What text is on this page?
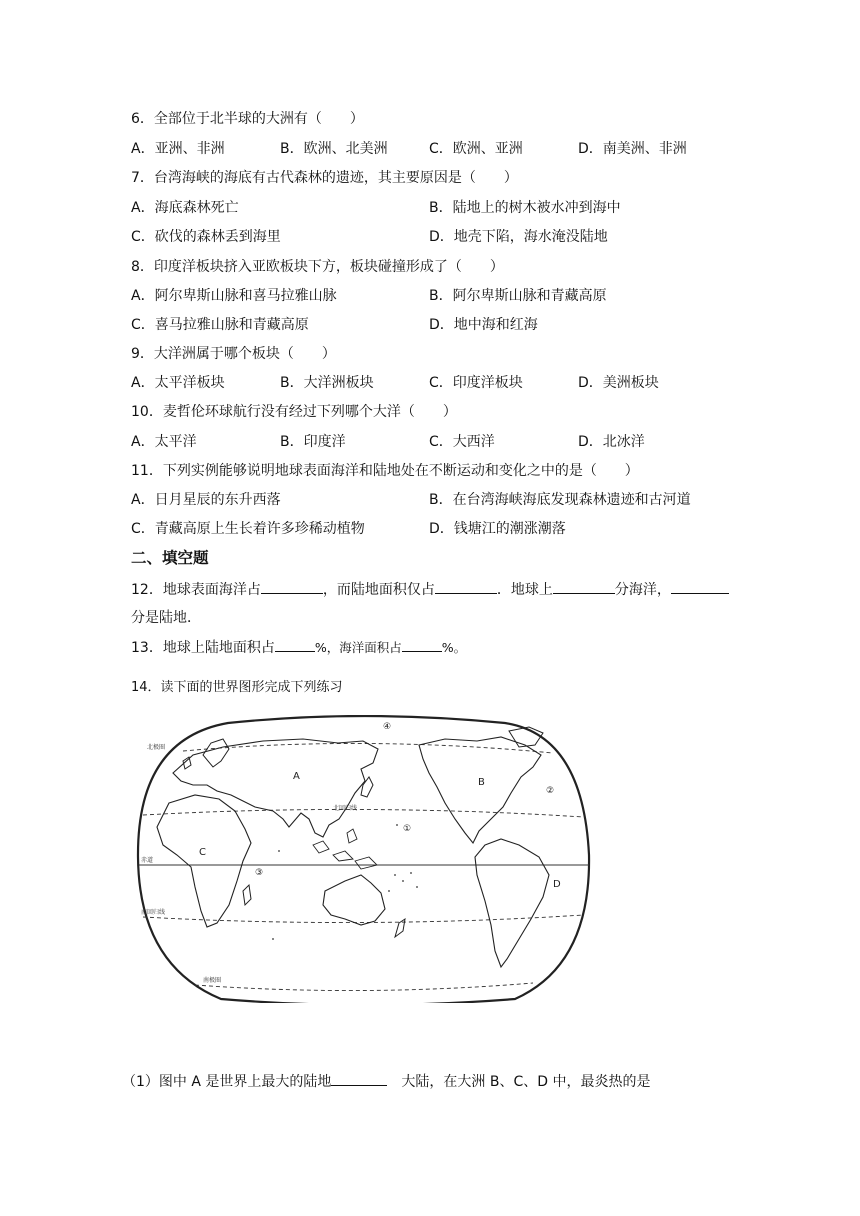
6．全部位于北半球的大洲有（　　）
A．亚洲、非洲	B．欧洲、北美洲	C．欧洲、亚洲	D．南美洲、非洲
7．台湾海峡的海底有古代森林的遗迹，其主要原因是（　　）
A．海底森林死亡	B．陆地上的树木被水冲到海中
C．砍伐的森林丢到海里	D．地壳下陷，海水淹没陆地
8．印度洋板块挤入亚欧板块下方，板块碰撞形成了（　　）
A．阿尔卑斯山脉和喜马拉雅山脉	B．阿尔卑斯山脉和青藏高原
C．喜马拉雅山脉和青藏高原	D．地中海和红海
9．大洋洲属于哪个板块（　　）
A．太平洋板块	B．大洋洲板块	C．印度洋板块	D．美洲板块
10．麦哲伦环球航行没有经过下列哪个大洋（　　）
A．太平洋	B．印度洋	C．大西洋	D．北冰洋
11．下列实例能够说明地球表面海洋和陆地处在不断运动和变化之中的是（　　）
A．日月星辰的东升西落	B．在台湾海峡海底发现森林遗迹和古河道
C．青藏高原上生长着许多珍稀动植物	D．钱塘江的潮涨潮落
二、填空题
12．地球表面海洋占	，而陆地面积仅占	．地球上	分海洋，
分是陆地．
13．地球上陆地面积占	%，海洋面积占	%。
14．读下面的世界图形完成下列练习
北极圈
北回归线
赤道
南回归线
南极圈
A
B
C
D
④
②
①
③
（1）图中 A 是世界上最大的陆地	　大陆，在大洲 B、C、D 中，最炎热的是
